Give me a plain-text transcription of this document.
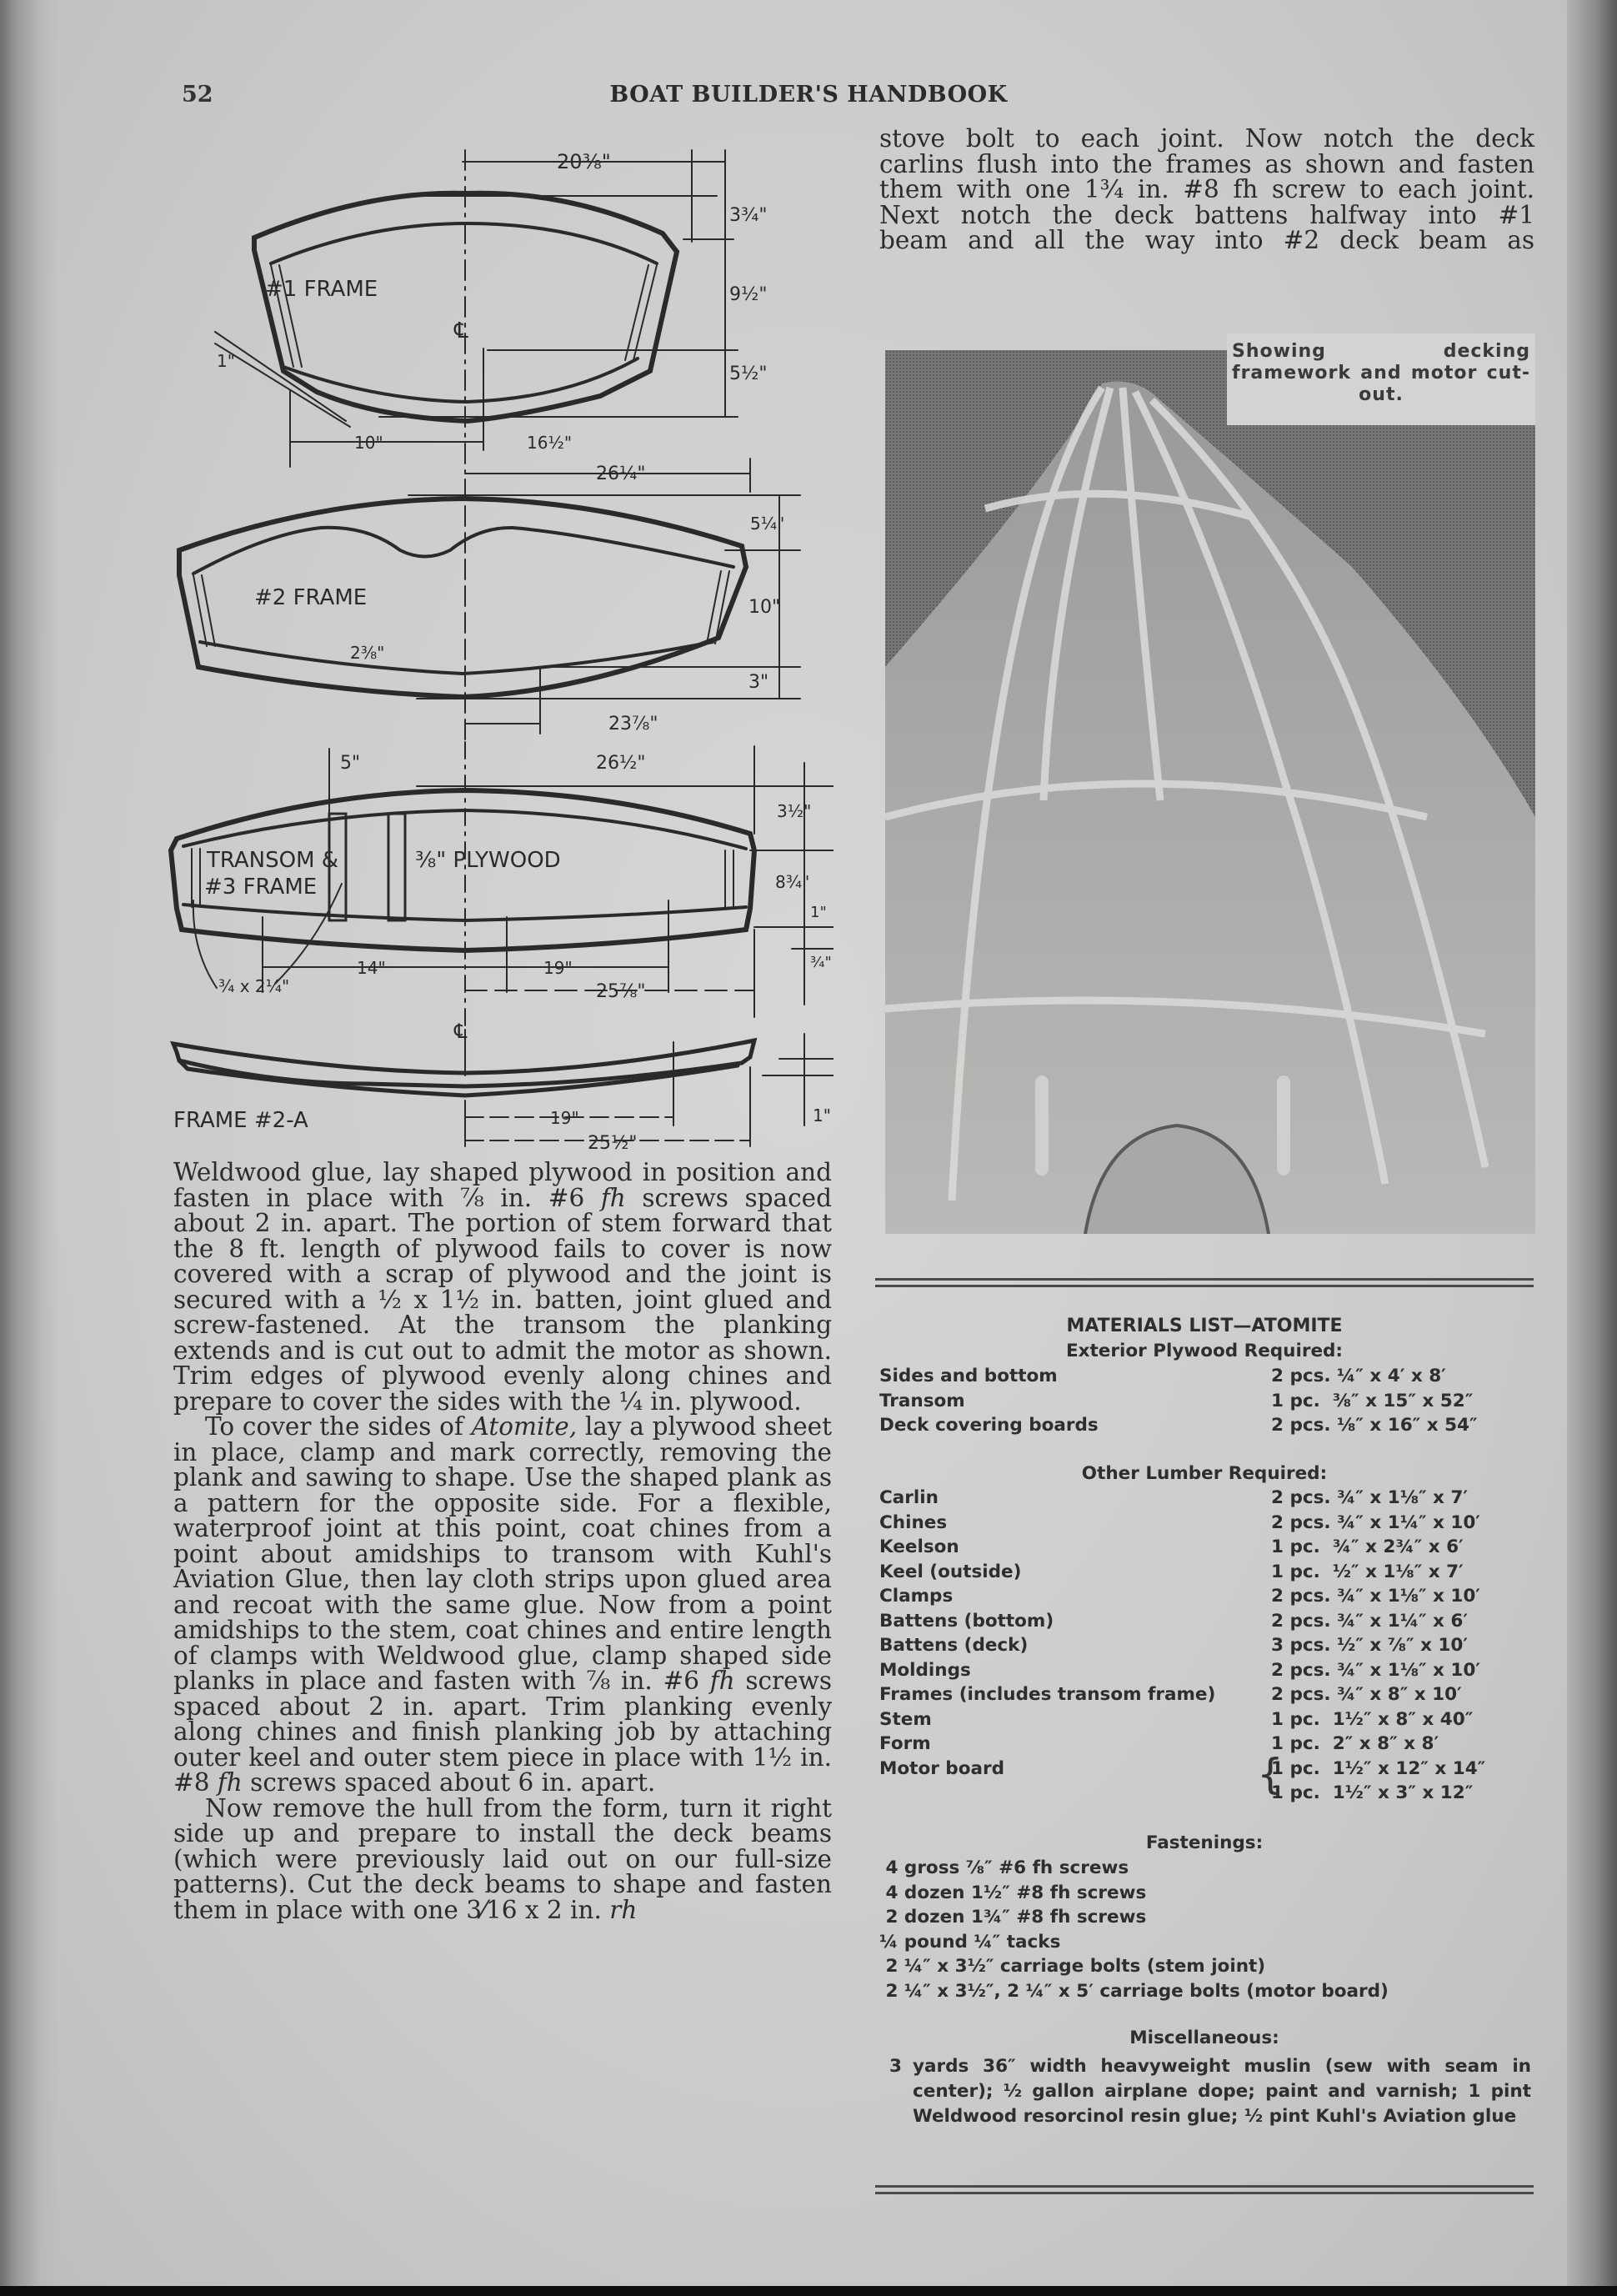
52	BOAT BUILDER'S HANDBOOK
#1 FRAME
℄
20⅜"
3¾"
9½"
5½"
1"
10"	16½"
26¼"
#2 FRAME
5¼"
10"
3"
2⅜"
23⅞"
TRANSOM &
#3 FRAME
⅜" PLYWOOD
5"	26½"
3½"
8¾"
1"
¾"
¾ x 2¼"
14"	19"
25⅞"
℄
FRAME #2-A	19"
25½"
1"
stove bolt to each joint. Now notch the deck
carlins flush into the frames as shown and fasten
them with one 1¾ in. #8 fh screw to each joint.
Next notch the deck battens halfway into #1
beam and all the way into #2 deck beam as
Showing decking framework and motor cut-out.

Weldwood glue, lay shaped plywood in position and fasten in place with ⅞ in. #6 fh screws spaced about 2 in. apart. The portion of stem forward that the 8 ft. length of plywood fails to cover is now covered with a scrap of plywood and the joint is secured with a ½ x 1½ in. batten, joint glued and screw-fastened. At the transom the planking extends and is cut out to admit the motor as shown. Trim edges of plywood evenly along chines and prepare to cover the sides with the ¼ in. plywood.

To cover the sides of Atomite, lay a plywood sheet in place, clamp and mark correctly, removing the plank and sawing to shape. Use the shaped plank as a pattern for the opposite side. For a flexible, waterproof joint at this point, coat chines from a point about amidships to transom with Kuhl's Aviation Glue, then lay cloth strips upon glued area and recoat with the same glue. Now from a point amidships to the stem, coat chines and entire length of clamps with Weldwood glue, clamp shaped side planks in place and fasten with ⅞ in. #6 fh screws spaced about 2 in. apart. Trim planking evenly along chines and finish planking job by attaching outer keel and outer stem piece in place with 1½ in. #8 fh screws spaced about 6 in. apart.

Now remove the hull from the form, turn it right side up and prepare to install the deck beams (which were previously laid out on our full-size patterns). Cut the deck beams to shape and fasten them in place with one 3⁄16 x 2 in. rh

MATERIALS LIST—ATOMITE
Exterior Plywood Required:
Sides and bottom	2 pcs. ¼″ x 4′ x 8′
Transom	1 pc.  ⅜″ x 15″ x 52″
Deck covering boards	2 pcs. ⅛″ x 16″ x 54″
Other Lumber Required:
Carlin	2 pcs. ¾″ x 1⅛″ x 7′
Chines	2 pcs. ¾″ x 1¼″ x 10′
Keelson	1 pc.  ¾″ x 2¾″ x 6′
Keel (outside)	1 pc.  ½″ x 1⅛″ x 7′
Clamps	2 pcs. ¾″ x 1⅛″ x 10′
Battens (bottom)	2 pcs. ¾″ x 1¼″ x 6′
Battens (deck)	3 pcs. ½″ x ⅞″ x 10′
Moldings	2 pcs. ¾″ x 1⅛″ x 10′
Frames (includes transom frame)	2 pcs. ¾″ x 8″ x 10′
Stem	1 pc.  1½″ x 8″ x 40″
Form	1 pc.  2″ x 8″ x 8′
Motor board	1 pc.  1½″ x 12″ x 14″
1 pc.  1½″ x 3″ x 12″
{
Fastenings:
4 gross ⅞″ #6 fh screws
4 dozen 1½″ #8 fh screws
2 dozen 1¾″ #8 fh screws
¼ pound ¼″ tacks
2 ¼″ x 3½″ carriage bolts (stem joint)
2 ¼″ x 3½″, 2 ¼″ x 5′ carriage bolts (motor board)
Miscellaneous:
3 yards 36″ width heavyweight muslin (sew with seam in center); ½ gallon airplane dope; paint and varnish; 1 pint Weldwood resorcinol resin glue; ½ pint Kuhl's Aviation glue
